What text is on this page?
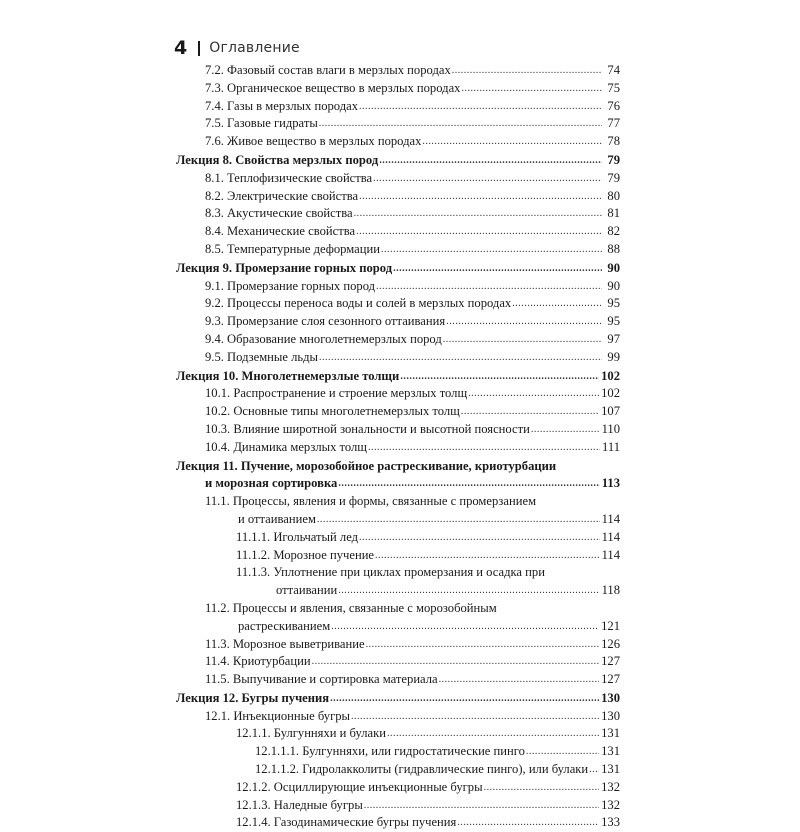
4 Оглавление
7.2. Фазовый состав влаги в мерзлых породах .....	74
7.3. Органическое вещество в мерзлых породах .....	75
7.4. Газы в мерзлых породах .....	76
7.5. Газовые гидраты .....	77
7.6. Живое вещество в мерзлых породах .....	78
Лекция 8. Свойства мерзлых пород .....	79
8.1. Теплофизические свойства .....	79
8.2. Электрические свойства .....	80
8.3. Акустические свойства .....	81
8.4. Механические свойства .....	82
8.5. Температурные деформации .....	88
Лекция 9. Промерзание горных пород .....	90
9.1. Промерзание горных пород .....	90
9.2. Процессы переноса воды и солей в мерзлых породах .....	95
9.3. Промерзание слоя сезонного оттаивания .....	95
9.4. Образование многолетнемерзлых пород .....	97
9.5. Подземные льды .....	99
Лекция 10. Многолетнемерзлые толщи .....	102
10.1. Распространение и строение мерзлых толщ .....	102
10.2. Основные типы многолетнемерзлых толщ .....	107
10.3. Влияние широтной зональности и высотной поясности .....	110
10.4. Динамика мерзлых толщ .....	111
Лекция 11. Пучение, морозобойное растрескивание, криотурбации
и морозная сортировка .....	113
11.1. Процессы, явления и формы, связанные с промерзанием
и оттаиванием .....	114
11.1.1. Игольчатый лед .....	114
11.1.2. Морозное пучение .....	114
11.1.3. Уплотнение при циклах промерзания и осадка при
оттаивании .....	118
11.2. Процессы и явления, связанные с морозобойным
растрескиванием .....	121
11.3. Морозное выветривание .....	126
11.4. Криотурбации .....	127
11.5. Выпучивание и сортировка материала .....	127
Лекция 12. Бугры пучения .....	130
12.1. Инъекционные бугры .....	130
12.1.1. Булгунняхи и булаки .....	131
12.1.1.1. Булгунняхи, или гидростатические пинго .....	131
12.1.1.2. Гидролакколиты (гидравлические пинго), или булаки ..... 131
12.1.2. Осциллирующие инъекционные бугры .....	132
12.1.3. Наледные бугры .....	132
12.1.4. Газодинамические бугры пучения .....	133
